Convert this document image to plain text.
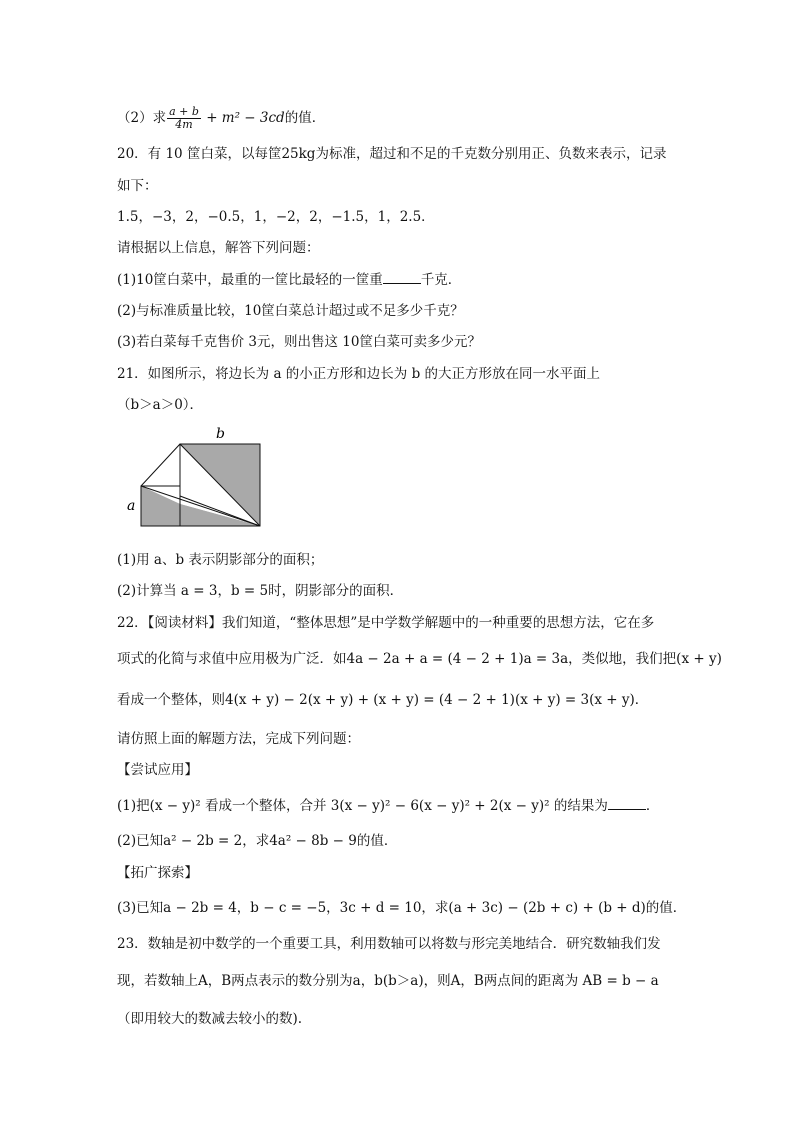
（2）求 $\frac{a + b}{4m} + m^2 - 3cd$的值．
20．有 10 筐白菜，以每筐25kg为标准，超过和不足的千克数分别用正、负数来表示，记录
如下：
1.5，−3，2，−0.5，1，−2，2，−1.5，1，2.5．
请根据以上信息，解答下列问题：
(1)10筐白菜中，最重的一筐比最轻的一筐重	千克．
(2)与标准质量比较，10筐白菜总计超过或不足多少千克？
(3)若白菜每千克售价 3元，则出售这 10筐白菜可卖多少元？
21．如图所示，将边长为 a 的小正方形和边长为 b 的大正方形放在同一水平面上
（b＞a＞0）．
b
a
(1)用 a、b 表示阴影部分的面积；
(2)计算当 a = 3，b = 5时，阴影部分的面积．
22．【阅读材料】我们知道，“整体思想”是中学数学解题中的一种重要的思想方法，它在多
项式的化简与求值中应用极为广泛．如4a − 2a + a = (4 − 2 + 1)a = 3a，类似地，我们把(x + y)
看成一个整体，则4(x + y) − 2(x + y) + (x + y) = (4 − 2 + 1)(x + y) = 3(x + y)．
请仿照上面的解题方法，完成下列问题：
【尝试应用】
(1)把(x − y)² 看成一个整体，合并 3(x − y)² − 6(x − y)² + 2(x − y)² 的结果为	．
(2)已知a² − 2b = 2，求4a² − 8b − 9的值．
【拓广探索】
(3)已知a − 2b = 4，b − c = −5，3c + d = 10，求(a + 3c) − (2b + c) + (b + d)的值．
23．数轴是初中数学的一个重要工具，利用数轴可以将数与形完美地结合．研究数轴我们发
现，若数轴上A，B两点表示的数分别为a，b(b＞a)，则A，B两点间的距离为 AB = b − a
（即用较大的数减去较小的数).
